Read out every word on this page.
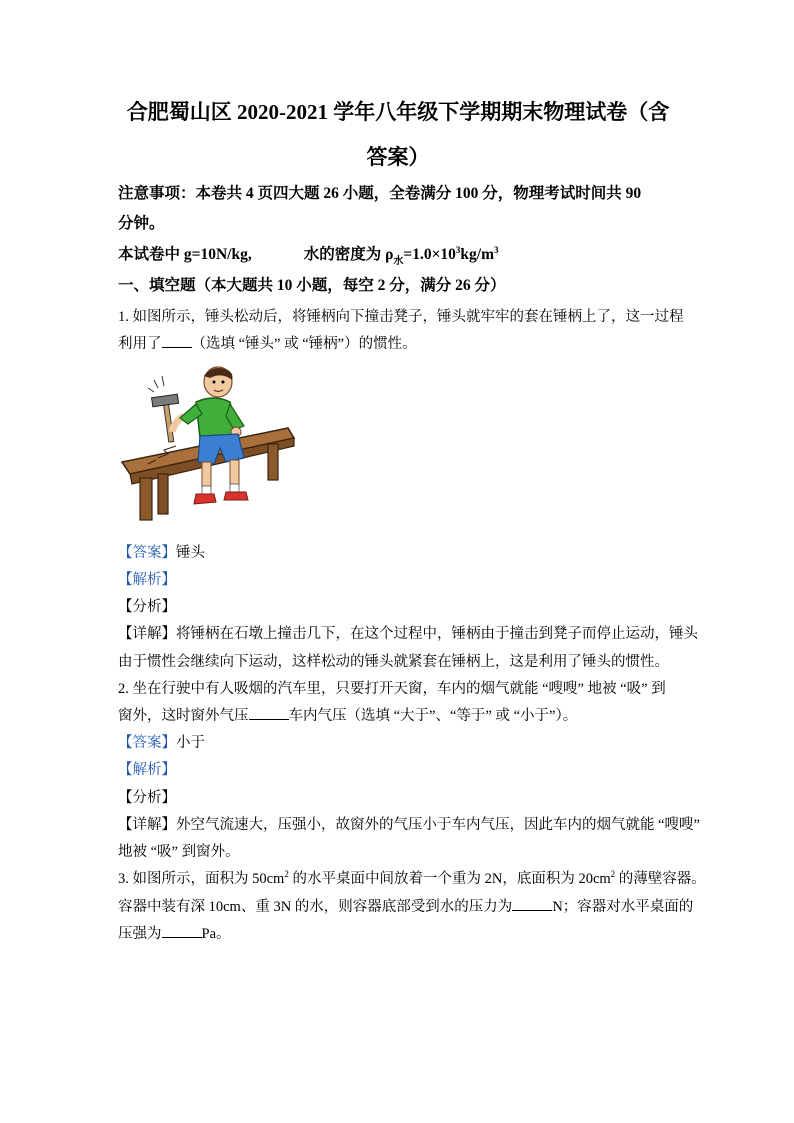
合肥蜀山区 2020-2021 学年八年级下学期期末物理试卷（含
答案）
注意事项：本卷共 4 页四大题 26 小题，全卷满分 100 分，物理考试时间共 90
分钟。
本试卷中 g=10N/kg,	水的密度为 $\rho_水=1.0\times 10^3kg/m^3$
一、填空题（本大题共 10 小题，每空 2 分，满分 26 分）
1. 如图所示，锤头松动后，将锤柄向下撞击凳子，锤头就牢牢的套在锤柄上了，这一过程
利用了 （选填 “锤头” 或 “锤柄”）的惯性。
【答案】锤头
【解析】
【分析】
【详解】将锤柄在石墩上撞击几下，在这个过程中，锤柄由于撞击到凳子而停止运动，锤头
由于惯性会继续向下运动，这样松动的锤头就紧套在锤柄上，这是利用了锤头的惯性。
2. 坐在行驶中有人吸烟的汽车里，只要打开天窗，车内的烟气就能 “嗖嗖” 地被 “吸” 到
窗外，这时窗外气压	车内气压（选填 “大于”、“等于” 或 “小于”）。
【答案】小于
【解析】
【分析】
【详解】外空气流速大，压强小，故窗外的气压小于车内气压，因此车内的烟气就能 “嗖嗖”
地被 “吸” 到窗外。
3. 如图所示，面积为 $50cm^2$ 的水平桌面中间放着一个重为 2N，底面积为 $20cm^2$ 的薄壁容器。
容器中装有深 10cm、重 3N 的水，则容器底部受到水的压力为	N；容器对水平桌面的
压强为	Pa。
